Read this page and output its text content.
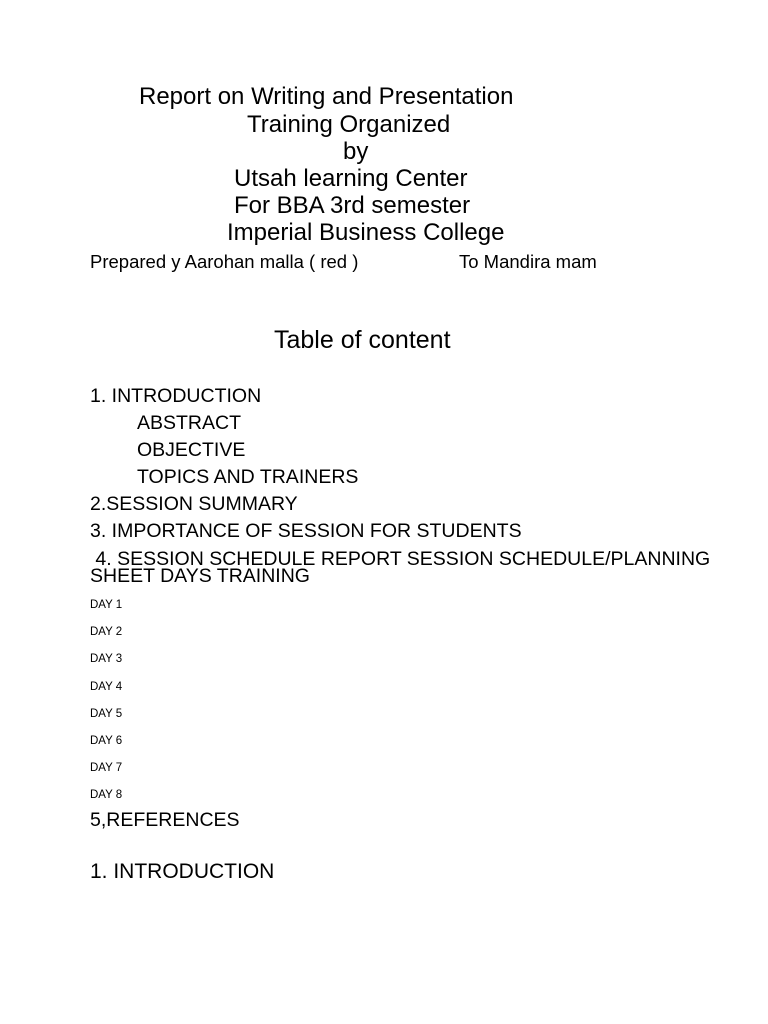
Report on Writing and Presentation
Training Organized
by
Utsah learning Center
For BBA 3rd semester
Imperial Business College
Prepared y Aarohan malla ( red )	To Mandira mam
Table of content
1. INTRODUCTION
ABSTRACT
OBJECTIVE
TOPICS AND TRAINERS
2.SESSION SUMMARY
3. IMPORTANCE OF SESSION FOR STUDENTS
4. SESSION SCHEDULE REPORT SESSION SCHEDULE/PLANNING
SHEET DAYS TRAINING
DAY 1
DAY 2
DAY 3
DAY 4
DAY 5
DAY 6
DAY 7
DAY 8
5,REFERENCES
1. INTRODUCTION
